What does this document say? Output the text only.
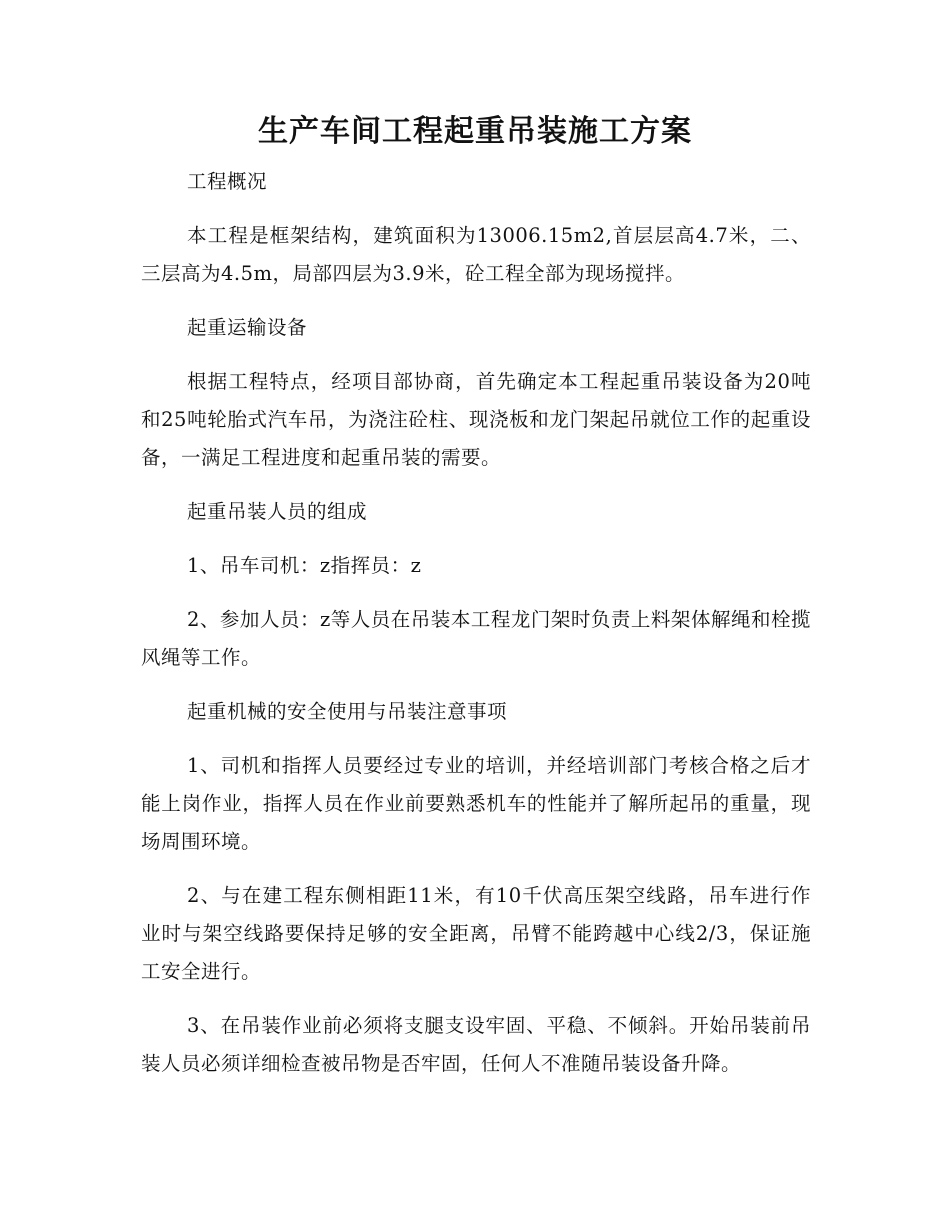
生产车间工程起重吊装施工方案

工程概况

本工程是框架结构，建筑面积为13006.15m2,首层层高4.7米，二、三层高为4.5m，局部四层为3.9米，砼工程全部为现场搅拌。

起重运输设备

根据工程特点，经项目部协商，首先确定本工程起重吊装设备为20吨和25吨轮胎式汽车吊，为浇注砼柱、现浇板和龙门架起吊就位工作的起重设备，一满足工程进度和起重吊装的需要。

起重吊装人员的组成

1、吊车司机：z指挥员：z

2、参加人员：z等人员在吊装本工程龙门架时负责上料架体解绳和栓揽风绳等工作。

起重机械的安全使用与吊装注意事项

1、司机和指挥人员要经过专业的培训，并经培训部门考核合格之后才能上岗作业，指挥人员在作业前要熟悉机车的性能并了解所起吊的重量，现场周围环境。

2、与在建工程东侧相距11米，有10千伏高压架空线路，吊车进行作业时与架空线路要保持足够的安全距离，吊臂不能跨越中心线2/3，保证施工安全进行。

3、在吊装作业前必须将支腿支设牢固、平稳、不倾斜。开始吊装前吊装人员必须详细检查被吊物是否牢固，任何人不准随吊装设备升降。
